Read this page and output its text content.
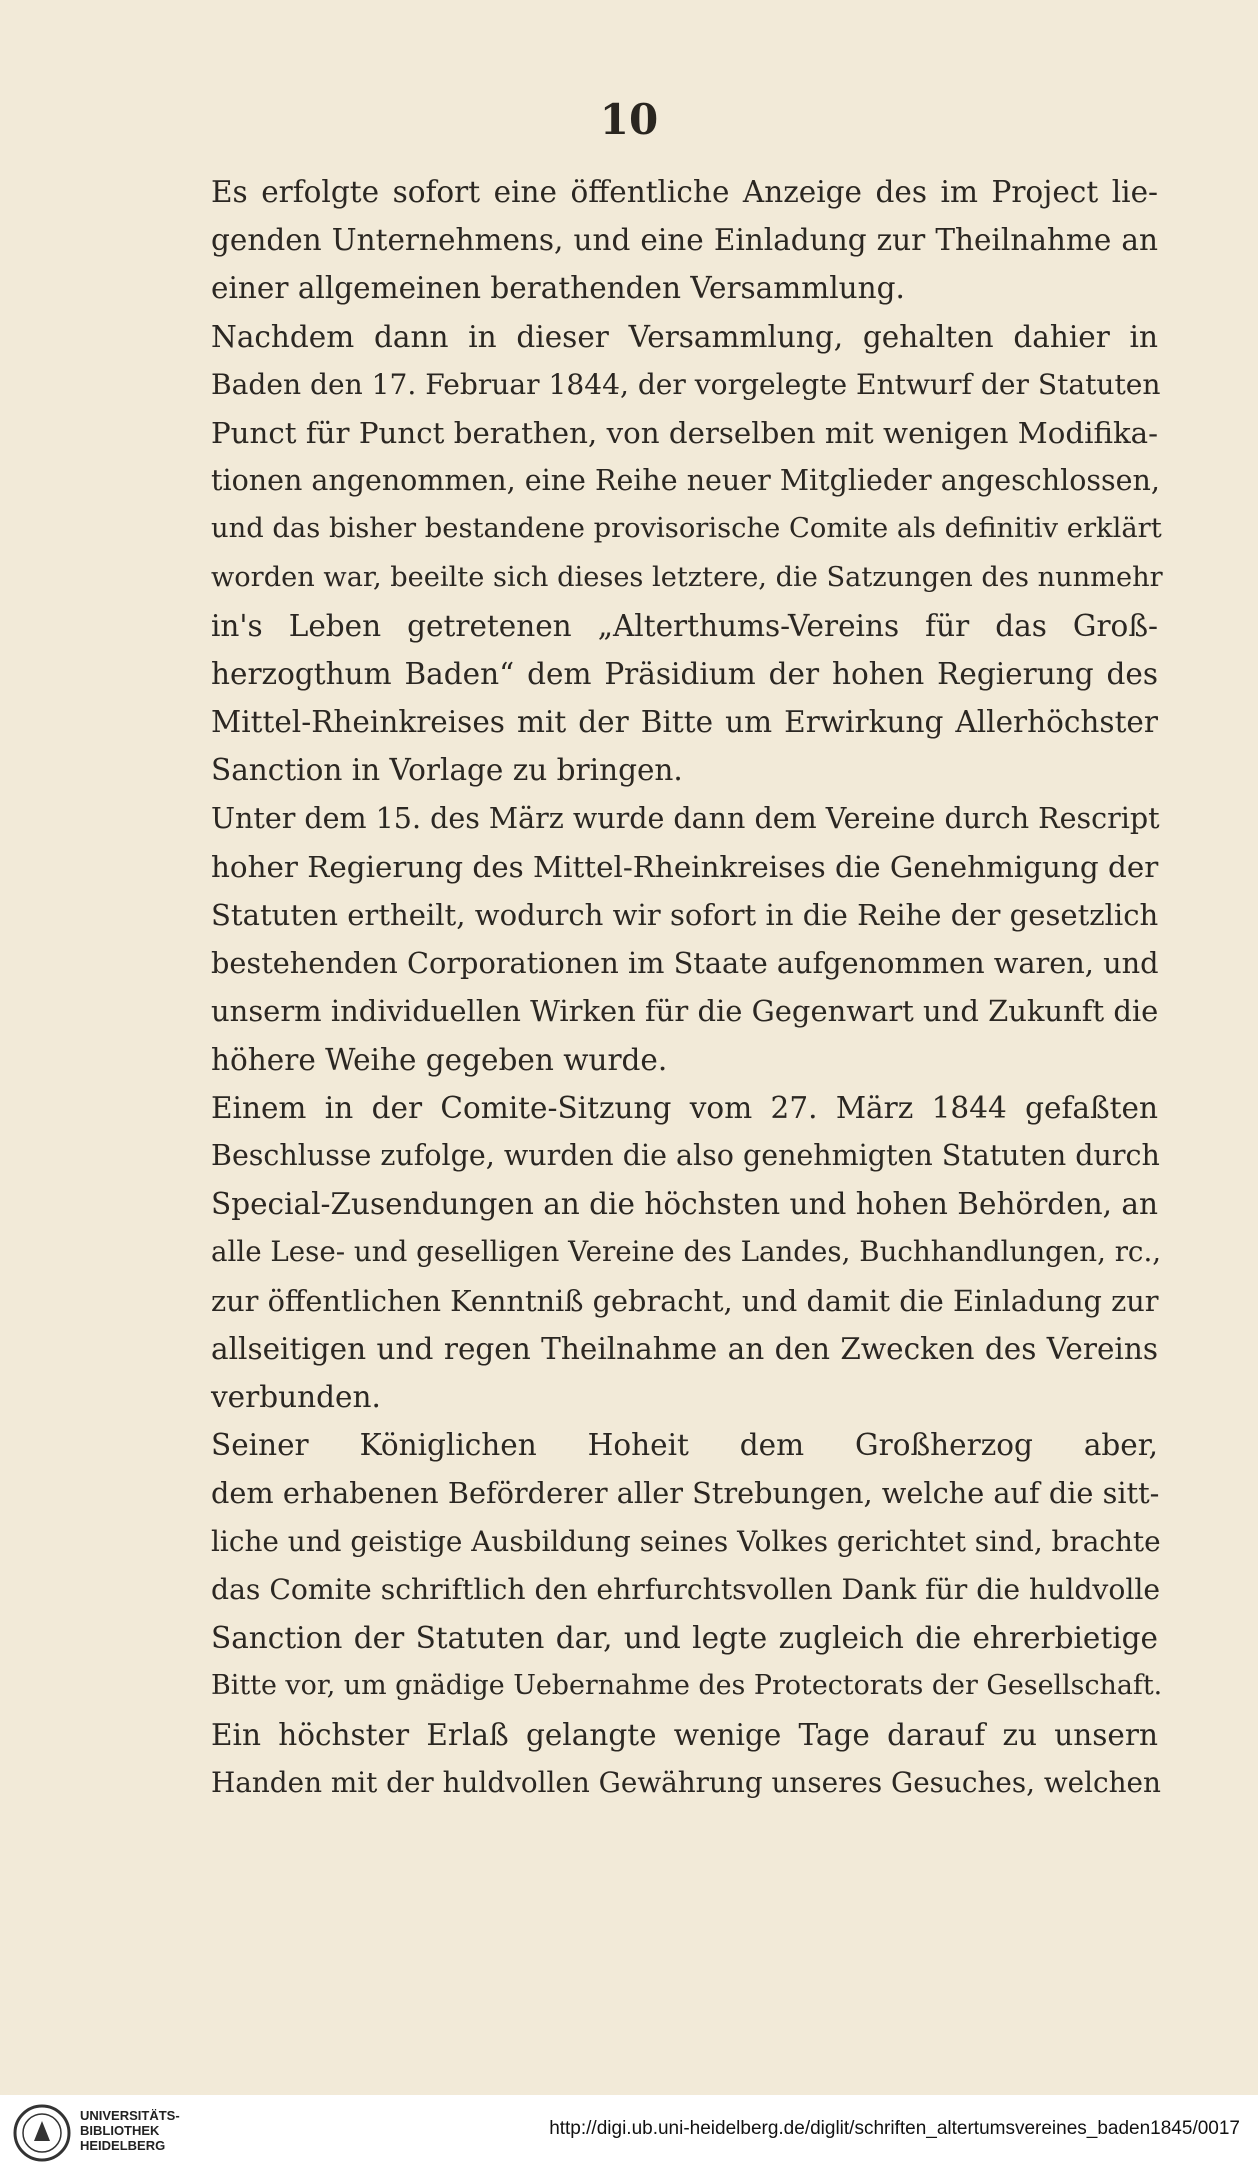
10
Es erfolgte sofort eine öffentliche Anzeige des im Project lie-
genden Unternehmens, und eine Einladung zur Theilnahme an
einer allgemeinen berathenden Versammlung.
Nachdem dann in dieser Versammlung, gehalten dahier in
Baden den 17. Februar 1844, der vorgelegte Entwurf der Statuten
Punct für Punct berathen, von derselben mit wenigen Modifika-
tionen angenommen, eine Reihe neuer Mitglieder angeschlossen,
und das bisher bestandene provisorische Comite als definitiv erklärt
worden war, beeilte sich dieses letztere, die Satzungen des nunmehr
in's Leben getretenen „Alterthums-Vereins für das Groß-
herzogthum Baden“ dem Präsidium der hohen Regierung des
Mittel-Rheinkreises mit der Bitte um Erwirkung Allerhöchster
Sanction in Vorlage zu bringen.
Unter dem 15. des März wurde dann dem Vereine durch Rescript
hoher Regierung des Mittel-Rheinkreises die Genehmigung der
Statuten ertheilt, wodurch wir sofort in die Reihe der gesetzlich
bestehenden Corporationen im Staate aufgenommen waren, und
unserm individuellen Wirken für die Gegenwart und Zukunft die
höhere Weihe gegeben wurde.
Einem in der Comite-Sitzung vom 27. März 1844 gefaßten
Beschlusse zufolge, wurden die also genehmigten Statuten durch
Special-Zusendungen an die höchsten und hohen Behörden, an
alle Lese- und geselligen Vereine des Landes, Buchhandlungen, rc.,
zur öffentlichen Kenntniß gebracht, und damit die Einladung zur
allseitigen und regen Theilnahme an den Zwecken des Vereins
verbunden.
Seiner Königlichen Hoheit dem Großherzog aber,
dem erhabenen Beförderer aller Strebungen, welche auf die sitt-
liche und geistige Ausbildung seines Volkes gerichtet sind, brachte
das Comite schriftlich den ehrfurchtsvollen Dank für die huldvolle
Sanction der Statuten dar, und legte zugleich die ehrerbietige
Bitte vor, um gnädige Uebernahme des Protectorats der Gesellschaft.
Ein höchster Erlaß gelangte wenige Tage darauf zu unsern
Handen mit der huldvollen Gewährung unseres Gesuches, welchen
UNIVERSITÄTS-
BIBLIOTHEK
HEIDELBERG
http://digi.ub.uni-heidelberg.de/diglit/schriften_altertumsvereines_baden1845/0017
